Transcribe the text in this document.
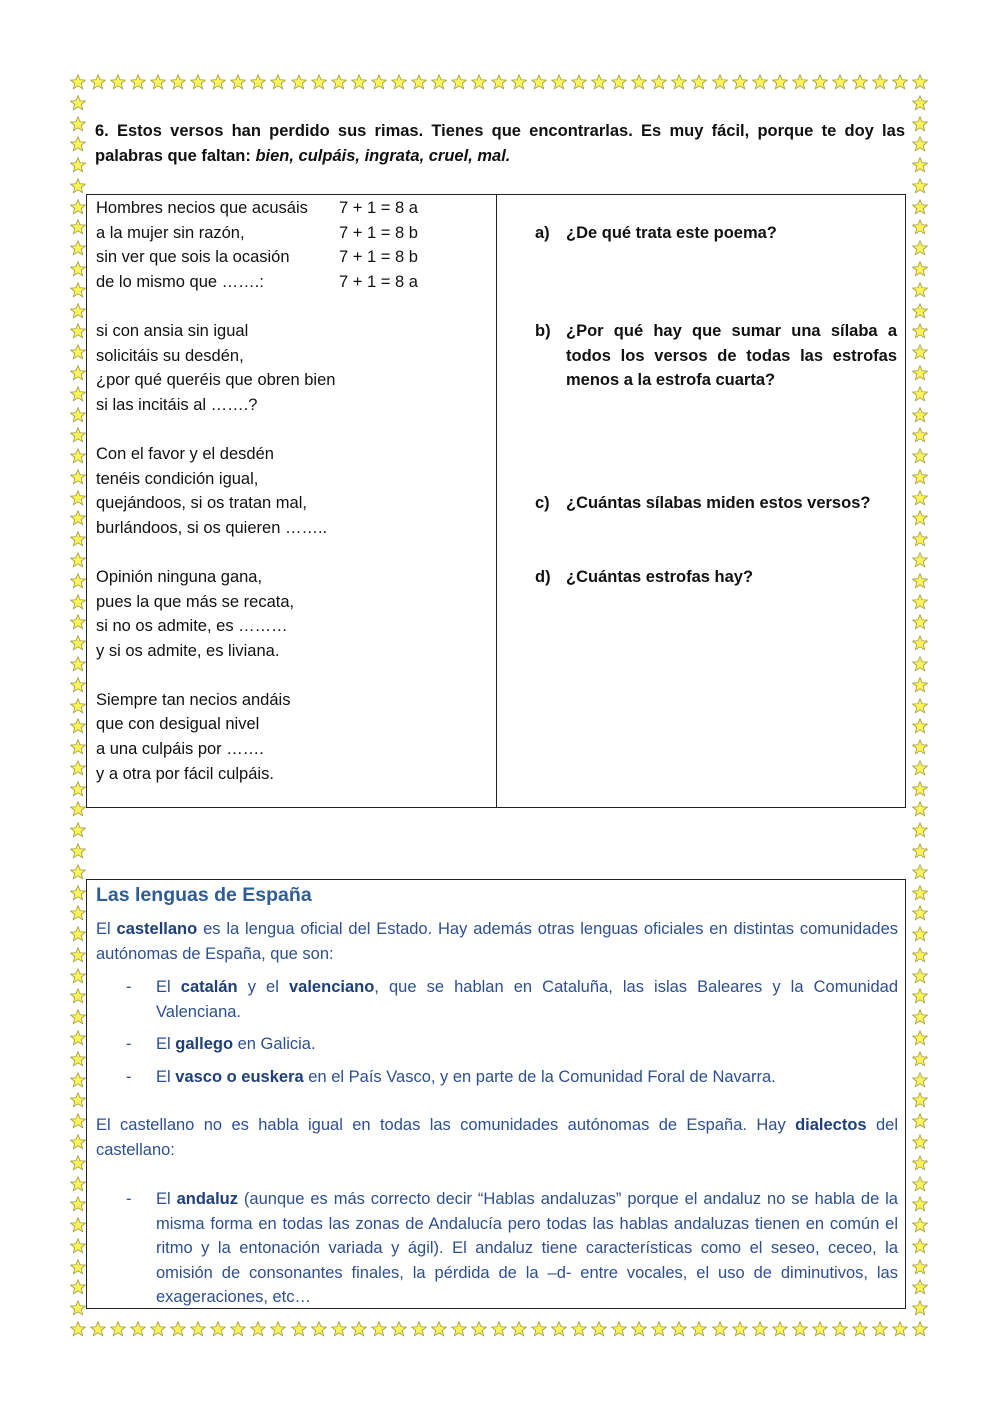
6. Estos versos han perdido sus rimas. Tienes que encontrarlas. Es muy fácil, porque te doy las palabras que faltan: bien, culpáis, ingrata, cruel, mal.
Hombres necios que acusáis 7 + 1 = 8 a
a la mujer sin razón,	7 + 1 = 8 b
sin ver que sois la ocasión	7 + 1 = 8 b
de lo mismo que …….:	7 + 1 = 8 a
si con ansia sin igual
solicitáis su desdén,
¿por qué queréis que obren bien
si las incitáis al …….?
Con el favor y el desdén
tenéis condición igual,
quejándoos, si os tratan mal,
burlándoos, si os quieren ……..
Opinión ninguna gana,
pues la que más se recata,
si no os admite, es ………
y si os admite, es liviana.
Siempre tan necios andáis
que con desigual nivel
a una culpáis por …….
y a otra por fácil culpáis.
a) ¿De qué trata este poema?
b) ¿Por qué hay que sumar una sílaba a todos los versos de todas las estrofas menos a la estrofa cuarta?
c) ¿Cuántas sílabas miden estos versos?
d) ¿Cuántas estrofas hay?
Las lenguas de España
El castellano es la lengua oficial del Estado. Hay además otras lenguas oficiales en distintas comunidades autónomas de España, que son:
- El catalán y el valenciano, que se hablan en Cataluña, las islas Baleares y la Comunidad Valenciana.
- El gallego en Galicia.
- El vasco o euskera en el País Vasco, y en parte de la Comunidad Foral de Navarra.
El castellano no es habla igual en todas las comunidades autónomas de España. Hay dialectos del castellano:
- El andaluz (aunque es más correcto decir “Hablas andaluzas” porque el andaluz no se habla de la misma forma en todas las zonas de Andalucía pero todas las hablas andaluzas tienen en común el ritmo y la entonación variada y ágil). El andaluz tiene características como el seseo, ceceo, la omisión de consonantes finales, la pérdida de la –d- entre vocales, el uso de diminutivos, las exageraciones, etc…
